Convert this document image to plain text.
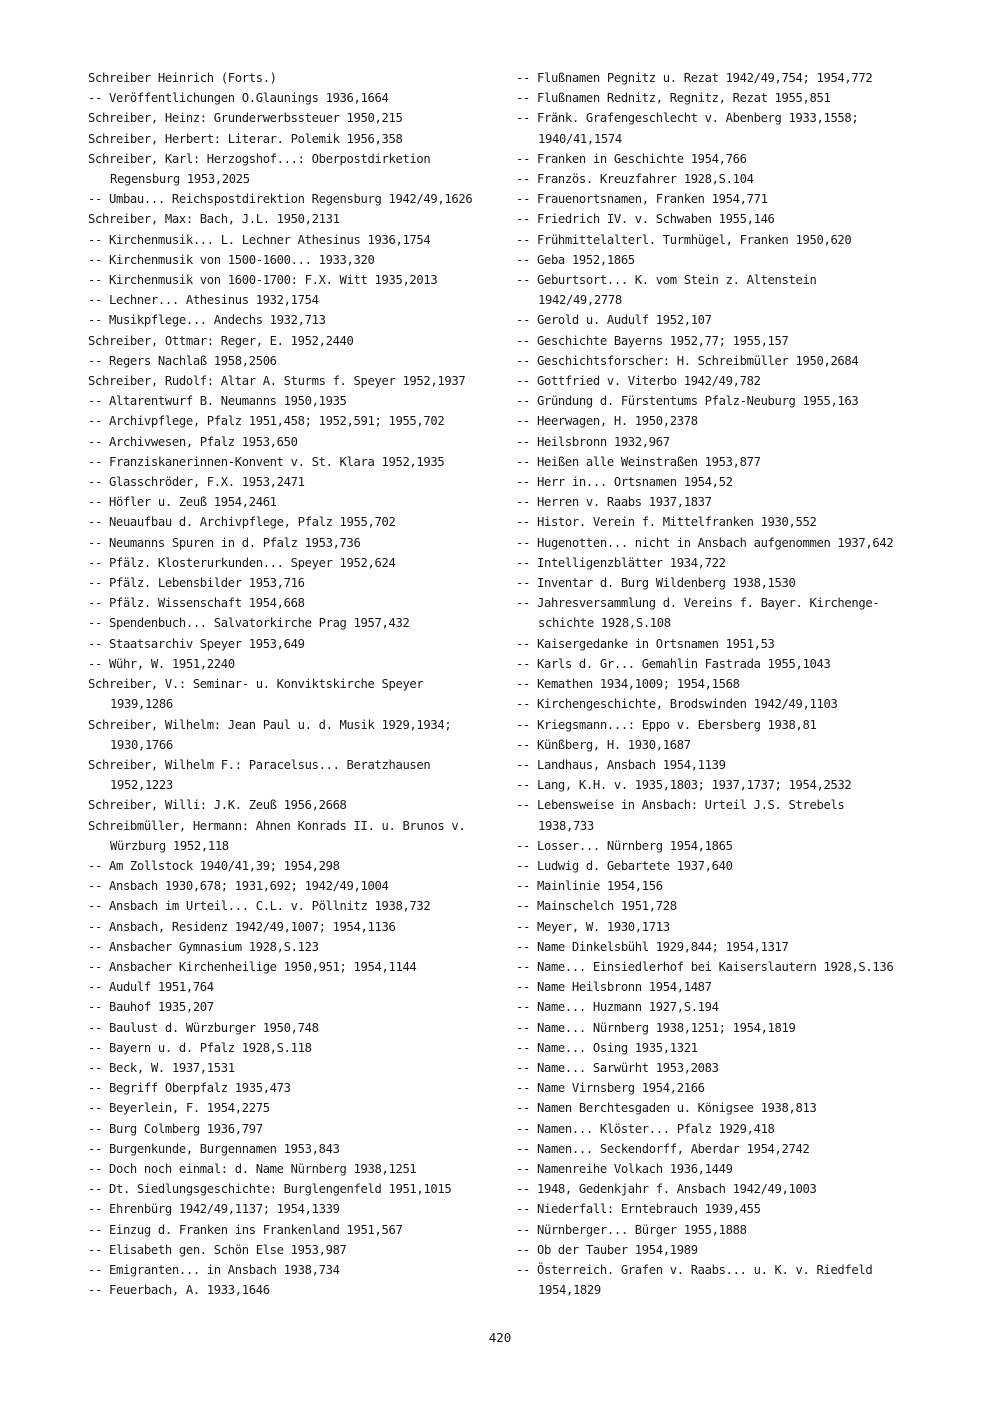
Schreiber Heinrich (Forts.)
-- Veröffentlichungen O.Glaunings 1936,1664
Schreiber, Heinz: Grunderwerbssteuer 1950,215
Schreiber, Herbert: Literar. Polemik 1956,358
Schreiber, Karl: Herzogshof...: Oberpostdirketion
Regensburg 1953,2025
-- Umbau... Reichspostdirektion Regensburg 1942/49,1626
Schreiber, Max: Bach, J.L. 1950,2131
-- Kirchenmusik... L. Lechner Athesinus 1936,1754
-- Kirchenmusik von 1500-1600... 1933,320
-- Kirchenmusik von 1600-1700: F.X. Witt 1935,2013
-- Lechner... Athesinus 1932,1754
-- Musikpflege... Andechs 1932,713
Schreiber, Ottmar: Reger, E. 1952,2440
-- Regers Nachlaß 1958,2506
Schreiber, Rudolf: Altar A. Sturms f. Speyer 1952,1937
-- Altarentwurf B. Neumanns 1950,1935
-- Archivpflege, Pfalz 1951,458; 1952,591; 1955,702
-- Archivwesen, Pfalz 1953,650
-- Franziskanerinnen-Konvent v. St. Klara 1952,1935
-- Glasschröder, F.X. 1953,2471
-- Höfler u. Zeuß 1954,2461
-- Neuaufbau d. Archivpflege, Pfalz 1955,702
-- Neumanns Spuren in d. Pfalz 1953,736
-- Pfälz. Klosterurkunden... Speyer 1952,624
-- Pfälz. Lebensbilder 1953,716
-- Pfälz. Wissenschaft 1954,668
-- Spendenbuch... Salvatorkirche Prag 1957,432
-- Staatsarchiv Speyer 1953,649
-- Wühr, W. 1951,2240
Schreiber, V.: Seminar- u. Konviktskirche Speyer
1939,1286
Schreiber, Wilhelm: Jean Paul u. d. Musik 1929,1934;
1930,1766
Schreiber, Wilhelm F.: Paracelsus... Beratzhausen
1952,1223
Schreiber, Willi: J.K. Zeuß 1956,2668
Schreibmüller, Hermann: Ahnen Konrads II. u. Brunos v.
Würzburg 1952,118
-- Am Zollstock 1940/41,39; 1954,298
-- Ansbach 1930,678; 1931,692; 1942/49,1004
-- Ansbach im Urteil... C.L. v. Pöllnitz 1938,732
-- Ansbach, Residenz 1942/49,1007; 1954,1136
-- Ansbacher Gymnasium 1928,S.123
-- Ansbacher Kirchenheilige 1950,951; 1954,1144
-- Audulf 1951,764
-- Bauhof 1935,207
-- Baulust d. Würzburger 1950,748
-- Bayern u. d. Pfalz 1928,S.118
-- Beck, W. 1937,1531
-- Begriff Oberpfalz 1935,473
-- Beyerlein, F. 1954,2275
-- Burg Colmberg 1936,797
-- Burgenkunde, Burgennamen 1953,843
-- Doch noch einmal: d. Name Nürnberg 1938,1251
-- Dt. Siedlungsgeschichte: Burglengenfeld 1951,1015
-- Ehrenbürg 1942/49,1137; 1954,1339
-- Einzug d. Franken ins Frankenland 1951,567
-- Elisabeth gen. Schön Else 1953,987
-- Emigranten... in Ansbach 1938,734
-- Feuerbach, A. 1933,1646
-- Flußnamen Pegnitz u. Rezat 1942/49,754; 1954,772
-- Flußnamen Rednitz, Regnitz, Rezat 1955,851
-- Fränk. Grafengeschlecht v. Abenberg 1933,1558;
1940/41,1574
-- Franken in Geschichte 1954,766
-- Französ. Kreuzfahrer 1928,S.104
-- Frauenortsnamen, Franken 1954,771
-- Friedrich IV. v. Schwaben 1955,146
-- Frühmittelalterl. Turmhügel, Franken 1950,620
-- Geba 1952,1865
-- Geburtsort... K. vom Stein z. Altenstein
1942/49,2778
-- Gerold u. Audulf 1952,107
-- Geschichte Bayerns 1952,77; 1955,157
-- Geschichtsforscher: H. Schreibmüller 1950,2684
-- Gottfried v. Viterbo 1942/49,782
-- Gründung d. Fürstentums Pfalz-Neuburg 1955,163
-- Heerwagen, H. 1950,2378
-- Heilsbronn 1932,967
-- Heißen alle Weinstraßen 1953,877
-- Herr in... Ortsnamen 1954,52
-- Herren v. Raabs 1937,1837
-- Histor. Verein f. Mittelfranken 1930,552
-- Hugenotten... nicht in Ansbach aufgenommen 1937,642
-- Intelligenzblätter 1934,722
-- Inventar d. Burg Wildenberg 1938,1530
-- Jahresversammlung d. Vereins f. Bayer. Kirchenge-
schichte 1928,S.108
-- Kaisergedanke in Ortsnamen 1951,53
-- Karls d. Gr... Gemahlin Fastrada 1955,1043
-- Kemathen 1934,1009; 1954,1568
-- Kirchengeschichte, Brodswinden 1942/49,1103
-- Kriegsmann...: Eppo v. Ebersberg 1938,81
-- Künßberg, H. 1930,1687
-- Landhaus, Ansbach 1954,1139
-- Lang, K.H. v. 1935,1803; 1937,1737; 1954,2532
-- Lebensweise in Ansbach: Urteil J.S. Strebels
1938,733
-- Losser... Nürnberg 1954,1865
-- Ludwig d. Gebartete 1937,640
-- Mainlinie 1954,156
-- Mainschelch 1951,728
-- Meyer, W. 1930,1713
-- Name Dinkelsbühl 1929,844; 1954,1317
-- Name... Einsiedlerhof bei Kaiserslautern 1928,S.136
-- Name Heilsbronn 1954,1487
-- Name... Huzmann 1927,S.194
-- Name... Nürnberg 1938,1251; 1954,1819
-- Name... Osing 1935,1321
-- Name... Sarwürht 1953,2083
-- Name Virnsberg 1954,2166
-- Namen Berchtesgaden u. Königsee 1938,813
-- Namen... Klöster... Pfalz 1929,418
-- Namen... Seckendorff, Aberdar 1954,2742
-- Namenreihe Volkach 1936,1449
-- 1948, Gedenkjahr f. Ansbach 1942/49,1003
-- Niederfall: Erntebrauch 1939,455
-- Nürnberger... Bürger 1955,1888
-- Ob der Tauber 1954,1989
-- Österreich. Grafen v. Raabs... u. K. v. Riedfeld
1954,1829
420
